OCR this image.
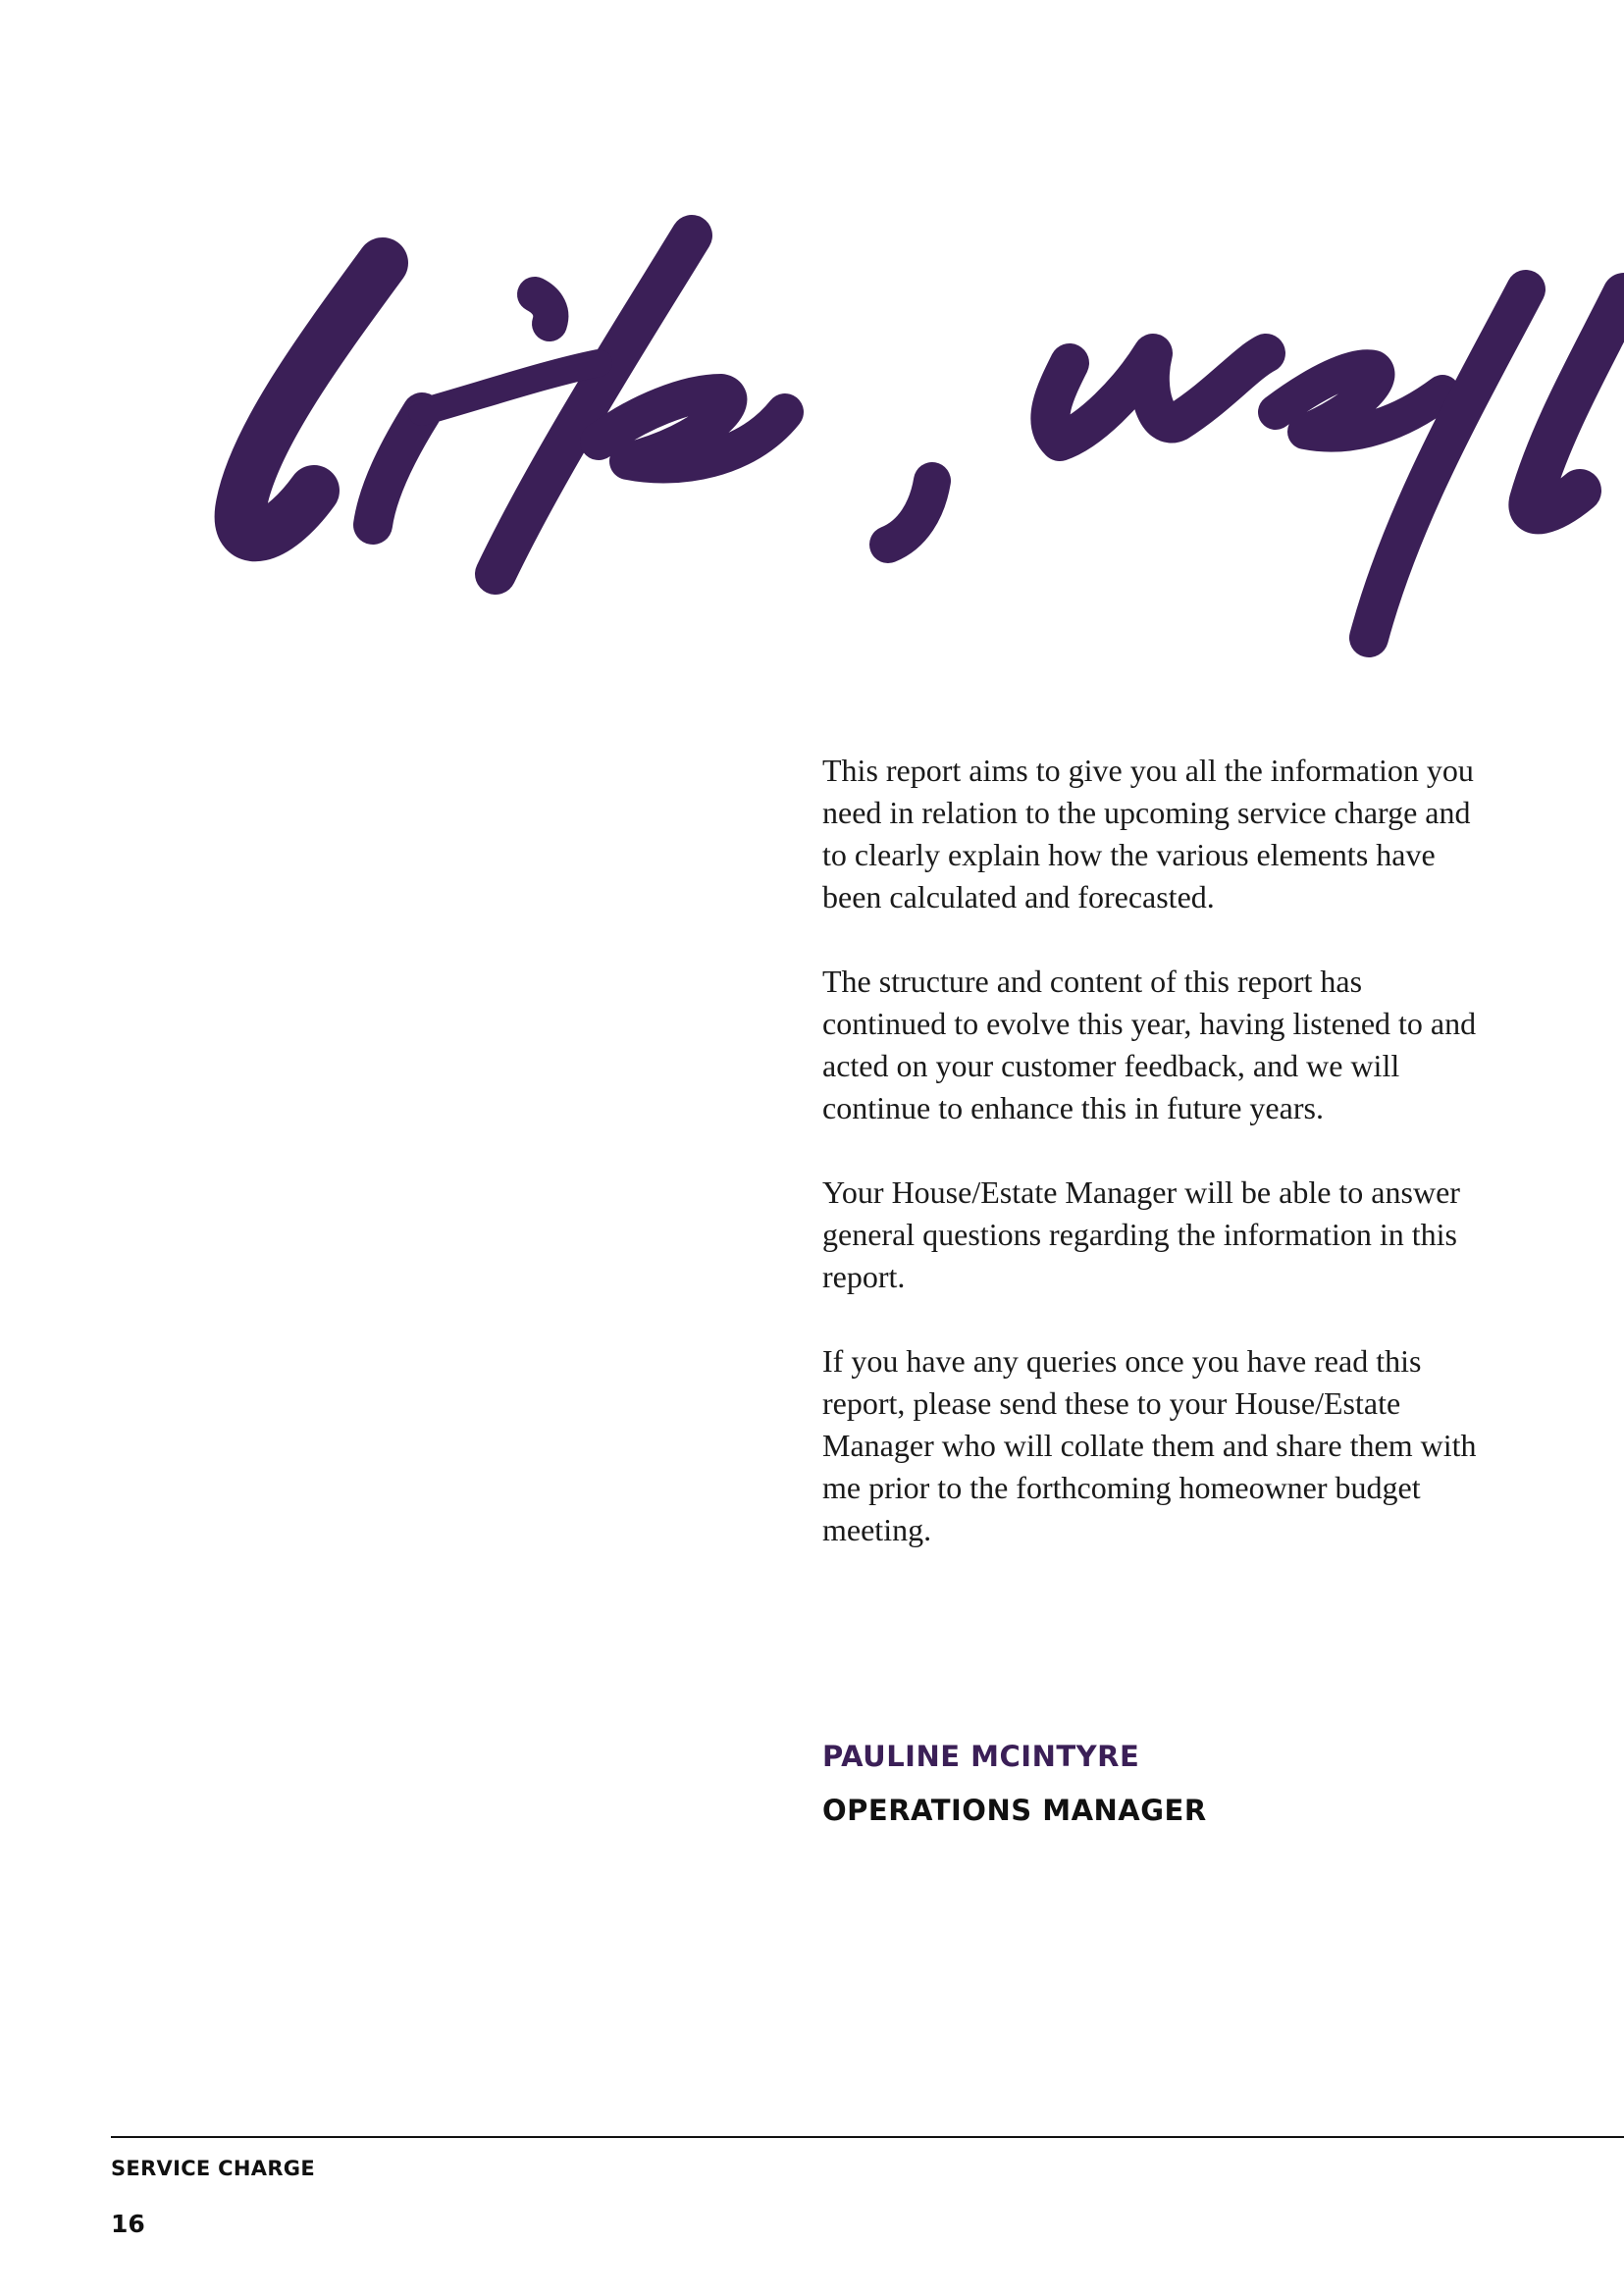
This report aims to give you all the information you need in relation to the upcoming service charge and to clearly explain how the various elements have been calculated and forecasted.

The structure and content of this report has continued to evolve this year, having listened to and acted on your customer feedback, and we will continue to enhance this in future years.

Your House/Estate Manager will be able to answer general questions regarding the information in this report.

If you have any queries once you have read this report, please send these to your House/Estate Manager who will collate them and share them with me prior to the forthcoming homeowner budget meeting.

PAULINE MCINTYRE

OPERATIONS MANAGER

SERVICE CHARGE
16
